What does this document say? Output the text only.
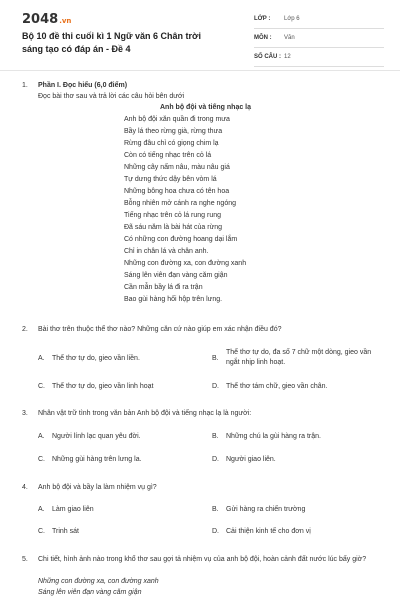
2048.vn
Bộ 10 đề thi cuối kì 1 Ngữ văn 6 Chân trời sáng tạo có đáp án - Đề 4
LỚP : Lớp 6
MÔN : Văn
SỐ CÂU : 12
1. Phần I. Đọc hiểu (6,0 điểm)
Đọc bài thơ sau và trả lời các câu hỏi bên dưới
Anh bộ đội và tiếng nhạc lạ
Anh bộ đội xăn quần đi trong mưa
Bầy lá theo rừng già, rừng thưa
Rừng đâu chỉ có giọng chim lạ
Còn có tiếng nhạc trên cỏ lá
Những cây nấm nâu, màu nâu giá
Tự dưng thức dậy bên vòm lá
Những bông hoa chưa có tên hoa
Bỗng nhiên mở cánh ra nghe ngóng
Tiếng nhạc trên cỏ lá rung rung
Đã sáu năm là bài hát của rừng
Có những con đường hoang dại lắm
Chỉ in chân lá và chân anh.
Những con đường xa, con đường xanh
Sáng lên viên đạn vàng căm giận
Cần mẫn bầy lá đi ra trận
Bao gùi hàng hối hộp trên lưng.
2. Bài thơ trên thuộc thể thơ nào? Những căn cứ nào giúp em xác nhận điều đó?
A. Thể thơ tự do, gieo vần liền.	B.
Thể thơ tự do, đa số 7 chữ một dòng, gieo vần ngắt nhịp linh hoạt.
C. Thể thơ tự do, gieo vần linh hoạt	D. Thể thơ tám chữ, gieo vần chân.
3. Nhân vật trữ tình trong văn bản Anh bộ đội và tiếng nhạc lạ là người:
A. Người lính lạc quan yêu đời.	B. Những chú la gùi hàng ra trận.
C. Những gùi hàng trên lưng la.	D. Người giao liên.
4. Anh bộ đội và bầy la làm nhiệm vụ gì?
A. Làm giao liên	B. Gửi hàng ra chiến trường
C. Trinh sát	D. Cải thiện kinh tế cho đơn vị
5. Chi tiết, hình ảnh nào trong khổ thơ sau gợi tả nhiệm vụ của anh bộ đội, hoàn cảnh đất nước lúc bấy giờ?
Những con đường xa, con đường xanh
Sáng lên viên đạn vàng căm giận
